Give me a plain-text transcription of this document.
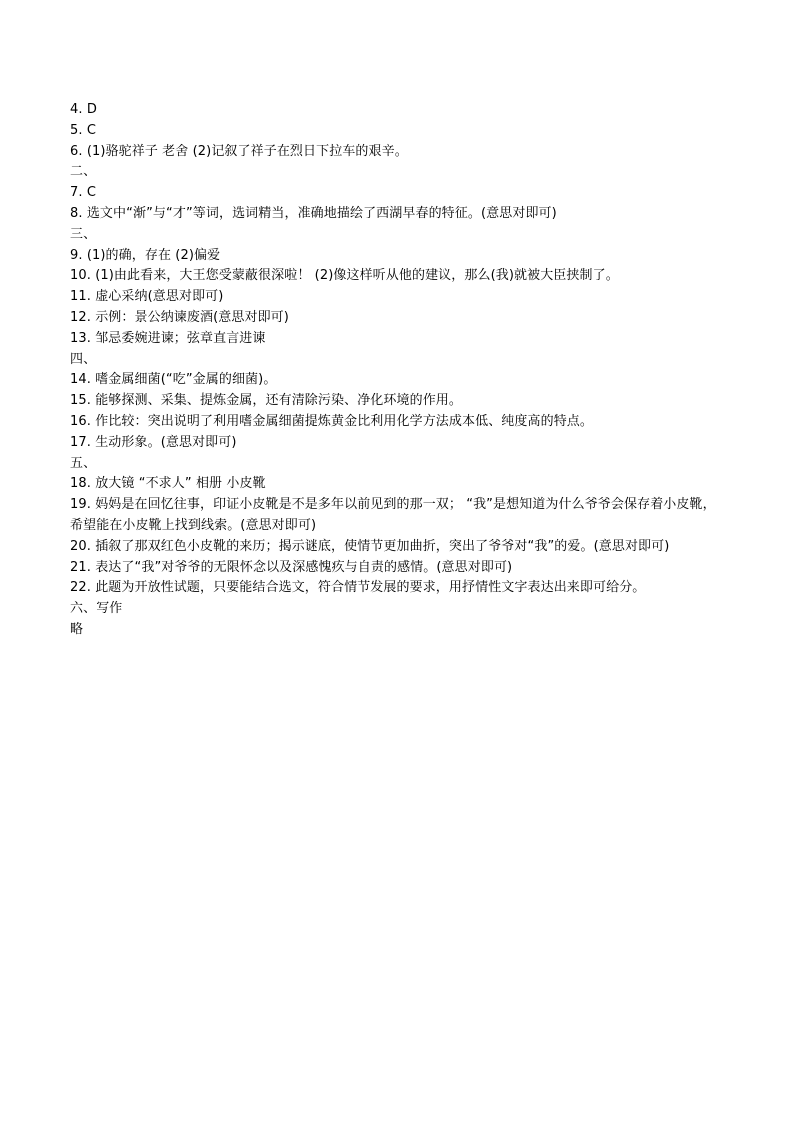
4. D
5. C
6. (1)骆驼祥子 老舍 (2)记叙了祥子在烈日下拉车的艰辛。
二、
7. C
8. 选文中“渐”与“才”等词，选词精当，准确地描绘了西湖早春的特征。(意思对即可)
三、
9. (1)的确，存在 (2)偏爱
10. (1)由此看来，大王您受蒙蔽很深啦！ (2)像这样听从他的建议，那么(我)就被大臣挟制了。
11. 虚心采纳(意思对即可)
12. 示例：景公纳谏废酒(意思对即可)
13. 邹忌委婉进谏；弦章直言进谏
四、
14. 嗜金属细菌(“吃”金属的细菌)。
15. 能够探测、采集、提炼金属，还有清除污染、净化环境的作用。
16. 作比较：突出说明了利用嗜金属细菌提炼黄金比利用化学方法成本低、纯度高的特点。
17. 生动形象。(意思对即可)
五、
18. 放大镜 “不求人” 相册 小皮靴
19. 妈妈是在回忆往事，印证小皮靴是不是多年以前见到的那一双； “我”是想知道为什么爷爷会保存着小皮靴，希望能在小皮靴上找到线索。(意思对即可)
20. 插叙了那双红色小皮靴的来历；揭示谜底，使情节更加曲折，突出了爷爷对“我”的爱。(意思对即可)
21. 表达了“我”对爷爷的无限怀念以及深感愧疚与自责的感情。(意思对即可)
22. 此题为开放性试题，只要能结合选文，符合情节发展的要求，用抒情性文字表达出来即可给分。
六、写作
略
